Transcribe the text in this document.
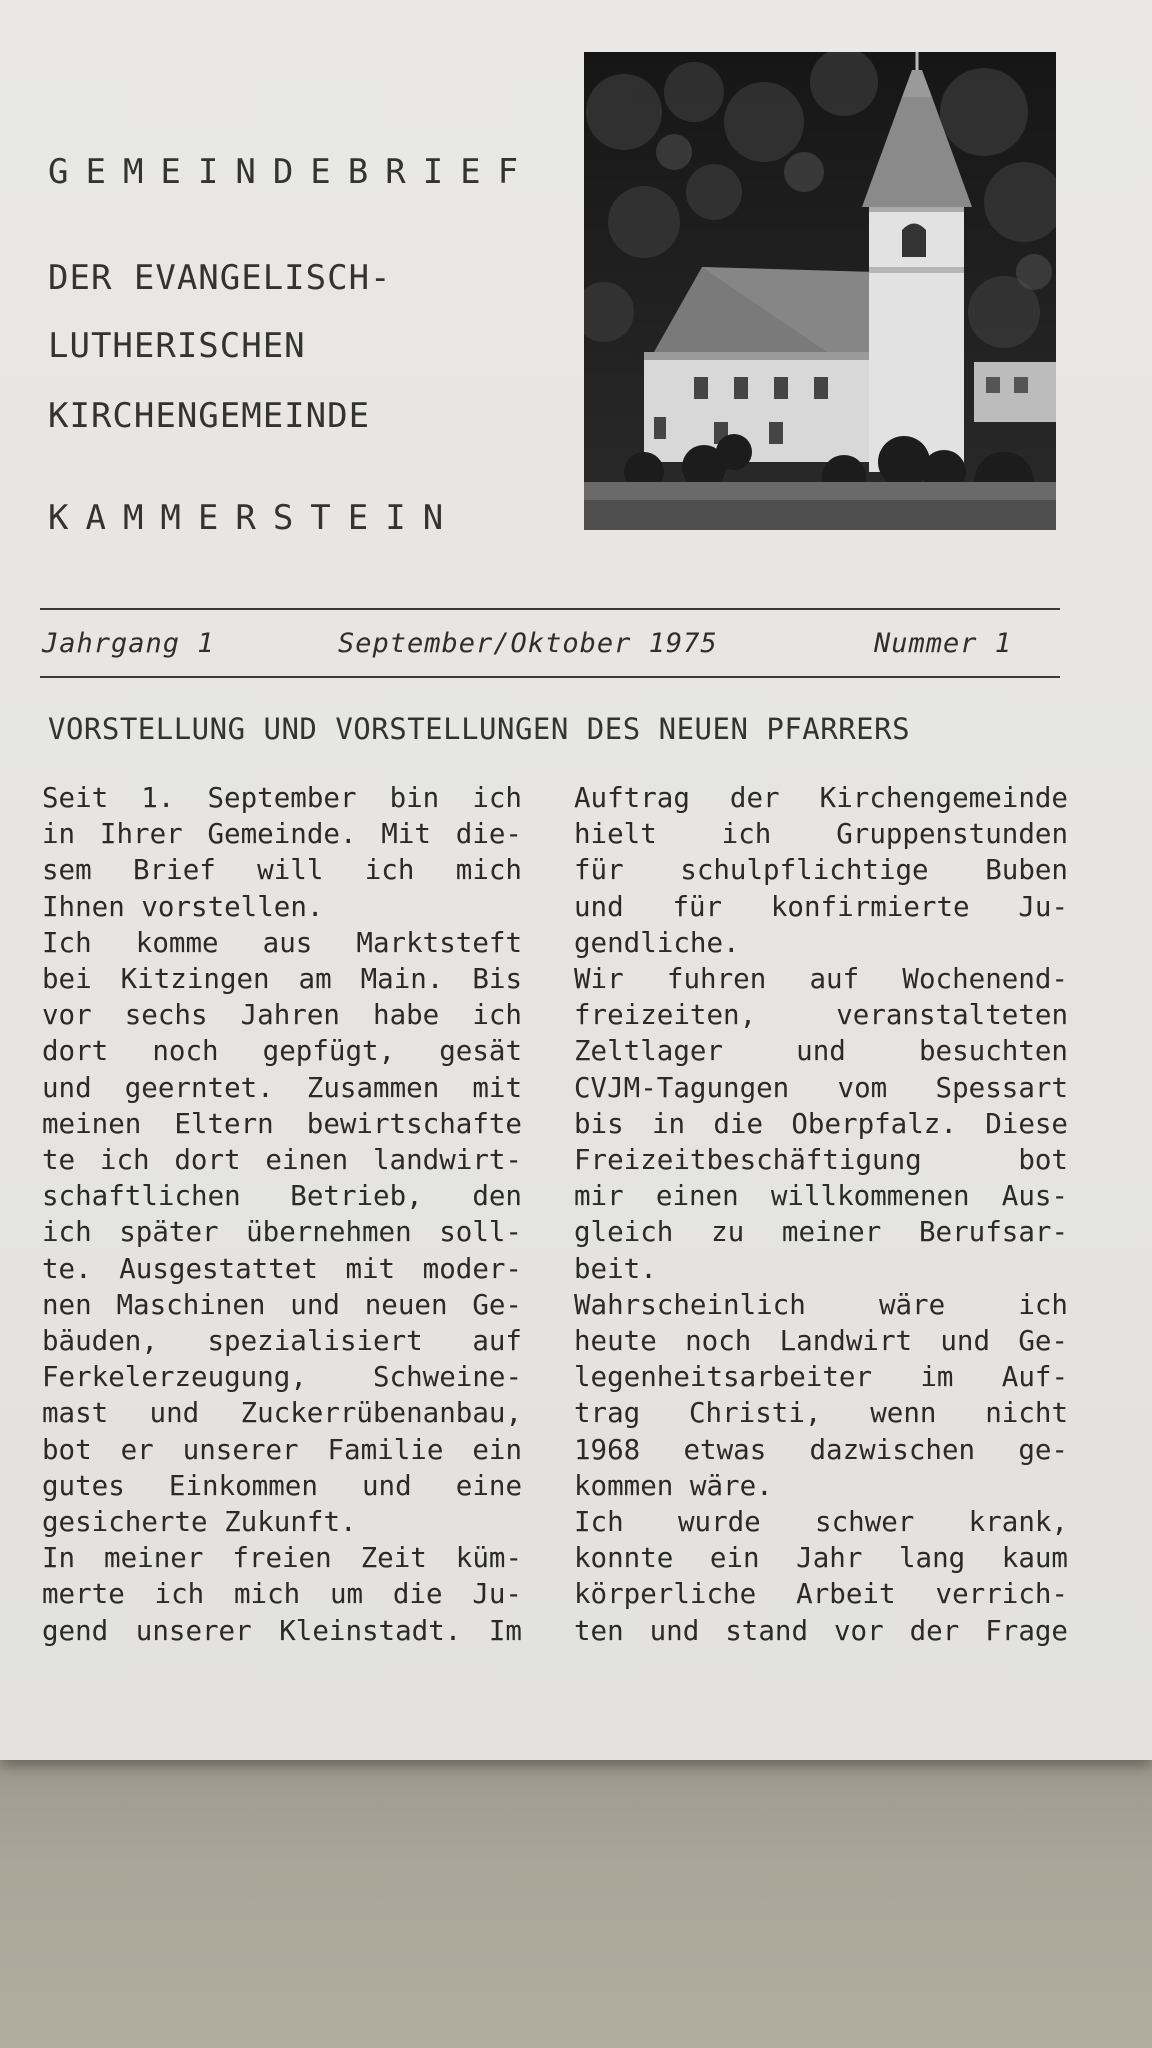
GEMEINDEBRIEF
DER EVANGELISCH-
LUTHERISCHEN
KIRCHENGEMEINDE
KAMMERSTEIN
Jahrgang 1	September/Oktober 1975	Nummer 1
VORSTELLUNG UND VORSTELLUNGEN DES NEUEN PFARRERS
Seit 1. September bin ich
in Ihrer Gemeinde. Mit die-
sem Brief will ich mich
Ihnen vorstellen.
Ich komme aus Marktsteft
bei Kitzingen am Main. Bis
vor sechs Jahren habe ich
dort noch gepfügt, gesät
und geerntet. Zusammen mit
meinen Eltern bewirtschafte
te ich dort einen landwirt-
schaftlichen Betrieb, den
ich später übernehmen soll-
te. Ausgestattet mit moder-
nen Maschinen und neuen Ge-
bäuden, spezialisiert auf
Ferkelerzeugung, Schweine-
mast und Zuckerrübenanbau,
bot er unserer Familie ein
gutes Einkommen und eine
gesicherte Zukunft.
In meiner freien Zeit küm-
merte ich mich um die Ju-
gend unserer Kleinstadt. Im
Auftrag der Kirchengemeinde
hielt ich Gruppenstunden
für schulpflichtige Buben
und für konfirmierte Ju-
gendliche.
Wir fuhren auf Wochenend-
freizeiten, veranstalteten
Zeltlager und besuchten
CVJM-Tagungen vom Spessart
bis in die Oberpfalz. Diese
Freizeitbeschäftigung bot
mir einen willkommenen Aus-
gleich zu meiner Berufsar-
beit.
Wahrscheinlich wäre ich
heute noch Landwirt und Ge-
legenheitsarbeiter im Auf-
trag Christi, wenn nicht
1968 etwas dazwischen ge-
kommen wäre.
Ich wurde schwer krank,
konnte ein Jahr lang kaum
körperliche Arbeit verrich-
ten und stand vor der Frage
